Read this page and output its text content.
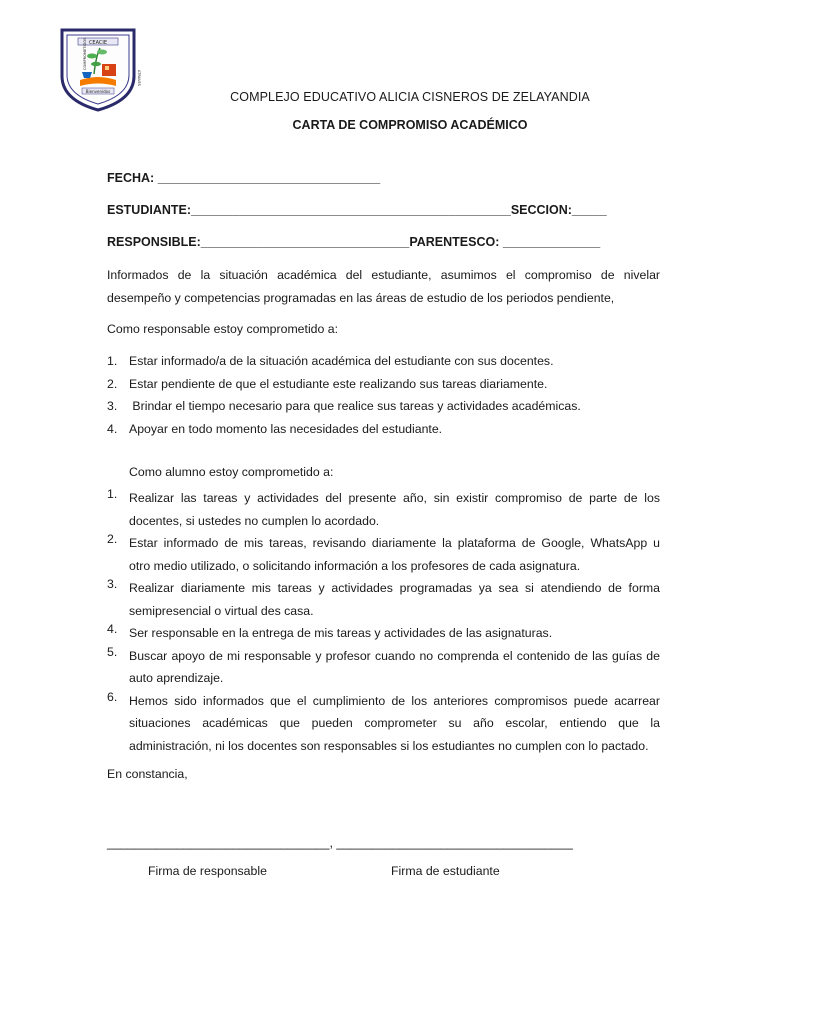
CEACIE
COMPROMETIDOS
ATRAVES
Bienvenidos	COMPLEJO EDUCATIVO ALICIA CISNEROS DE ZELAYANDIA
CARTA DE COMPROMISO ACADÉMICO
FECHA: ________________________________
ESTUDIANTE:______________________________________________SECCION:_____
RESPONSIBLE:______________________________PARENTESCO: ______________
Informados de la situación académica del estudiante, asumimos el compromiso de nivelar
desempeño y competencias programadas en las áreas de estudio de los periodos pendiente,
Como responsable estoy comprometido a:
1. Estar informado/a de la situación académica del estudiante con sus docentes.
2. Estar pendiente de que el estudiante este realizando sus tareas diariamente.
3. Brindar el tiempo necesario para que realice sus tareas y actividades académicas.
4. Apoyar en todo momento las necesidades del estudiante.
Como alumno estoy comprometido a:
1. Realizar las tareas y actividades del presente año, sin existir compromiso de parte de los
docentes, si ustedes no cumplen lo acordado.
2. Estar informado de mis tareas, revisando diariamente la plataforma de Google, WhatsApp u
otro medio utilizado, o solicitando información a los profesores de cada asignatura.
3. Realizar diariamente mis tareas y actividades programadas ya sea si atendiendo de forma
semipresencial o virtual des casa.
4. Ser responsable en la entrega de mis tareas y actividades de las asignaturas.
5. Buscar apoyo de mi responsable y profesor cuando no comprenda el contenido de las guías de
auto aprendizaje.
6. Hemos sido informados que el cumplimiento de los anteriores compromisos puede acarrear
situaciones académicas que pueden comprometer su año escolar, entiendo que la
administración, ni los docentes son responsables si los estudiantes no cumplen con lo pactado.
En constancia,
________________________________, __________________________________
Firma de responsable	Firma de estudiante
